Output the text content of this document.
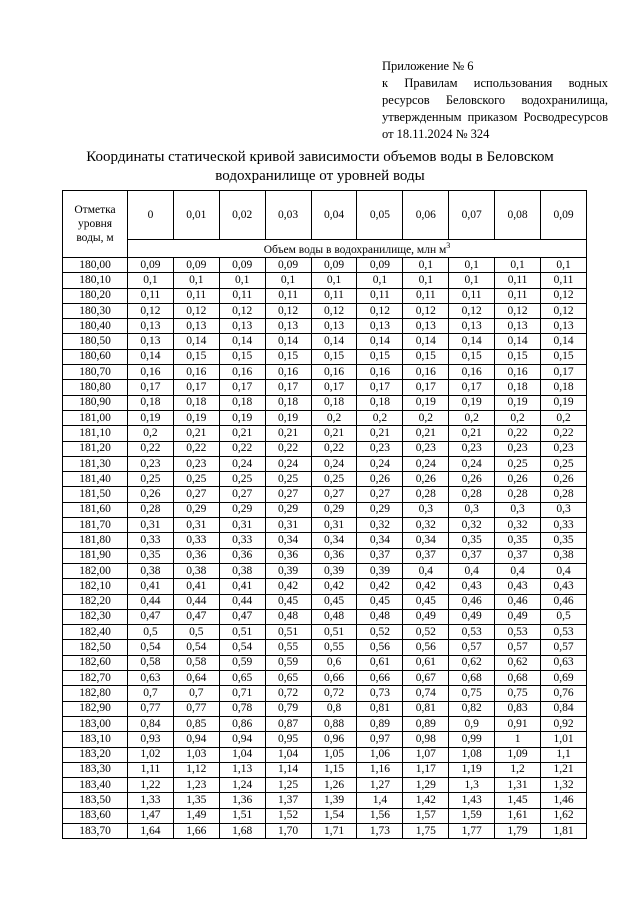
Приложение № 6
к Правилам использования водных
ресурсов Беловского водохранилища,
утвержденным приказом Росводресурсов
от 18.11.2024 № 324
Координаты статической кривой зависимости объемов воды в Беловском
водохранилище от уровней воды
Отметка уровня воды, м	0	0,01	0,02	0,03	0,04	0,05	0,06	0,07	0,08	0,09
	Объем воды в водохранилище, млн $м^3$
180,00	0,09	0,09	0,09	0,09	0,09	0,09	0,1	0,1	0,1	0,1
180,10	0,1	0,1	0,1	0,1	0,1	0,1	0,1	0,1	0,11	0,11
180,20	0,11	0,11	0,11	0,11	0,11	0,11	0,11	0,11	0,11	0,12
180,30	0,12	0,12	0,12	0,12	0,12	0,12	0,12	0,12	0,12	0,12
180,40	0,13	0,13	0,13	0,13	0,13	0,13	0,13	0,13	0,13	0,13
180,50	0,13	0,14	0,14	0,14	0,14	0,14	0,14	0,14	0,14	0,14
180,60	0,14	0,15	0,15	0,15	0,15	0,15	0,15	0,15	0,15	0,15
180,70	0,16	0,16	0,16	0,16	0,16	0,16	0,16	0,16	0,16	0,17
180,80	0,17	0,17	0,17	0,17	0,17	0,17	0,17	0,17	0,18	0,18
180,90	0,18	0,18	0,18	0,18	0,18	0,18	0,19	0,19	0,19	0,19
181,00	0,19	0,19	0,19	0,19	0,2	0,2	0,2	0,2	0,2	0,2
181,10	0,2	0,21	0,21	0,21	0,21	0,21	0,21	0,21	0,22	0,22
181,20	0,22	0,22	0,22	0,22	0,22	0,23	0,23	0,23	0,23	0,23
181,30	0,23	0,23	0,24	0,24	0,24	0,24	0,24	0,24	0,25	0,25
181,40	0,25	0,25	0,25	0,25	0,25	0,26	0,26	0,26	0,26	0,26
181,50	0,26	0,27	0,27	0,27	0,27	0,27	0,28	0,28	0,28	0,28
181,60	0,28	0,29	0,29	0,29	0,29	0,29	0,3	0,3	0,3	0,3
181,70	0,31	0,31	0,31	0,31	0,31	0,32	0,32	0,32	0,32	0,33
181,80	0,33	0,33	0,33	0,34	0,34	0,34	0,34	0,35	0,35	0,35
181,90	0,35	0,36	0,36	0,36	0,36	0,37	0,37	0,37	0,37	0,38
182,00	0,38	0,38	0,38	0,39	0,39	0,39	0,4	0,4	0,4	0,4
182,10	0,41	0,41	0,41	0,42	0,42	0,42	0,42	0,43	0,43	0,43
182,20	0,44	0,44	0,44	0,45	0,45	0,45	0,45	0,46	0,46	0,46
182,30	0,47	0,47	0,47	0,48	0,48	0,48	0,49	0,49	0,49	0,5
182,40	0,5	0,5	0,51	0,51	0,51	0,52	0,52	0,53	0,53	0,53
182,50	0,54	0,54	0,54	0,55	0,55	0,56	0,56	0,57	0,57	0,57
182,60	0,58	0,58	0,59	0,59	0,6	0,61	0,61	0,62	0,62	0,63
182,70	0,63	0,64	0,65	0,65	0,66	0,66	0,67	0,68	0,68	0,69
182,80	0,7	0,7	0,71	0,72	0,72	0,73	0,74	0,75	0,75	0,76
182,90	0,77	0,77	0,78	0,79	0,8	0,81	0,81	0,82	0,83	0,84
183,00	0,84	0,85	0,86	0,87	0,88	0,89	0,89	0,9	0,91	0,92
183,10	0,93	0,94	0,94	0,95	0,96	0,97	0,98	0,99	1	1,01
183,20	1,02	1,03	1,04	1,04	1,05	1,06	1,07	1,08	1,09	1,1
183,30	1,11	1,12	1,13	1,14	1,15	1,16	1,17	1,19	1,2	1,21
183,40	1,22	1,23	1,24	1,25	1,26	1,27	1,29	1,3	1,31	1,32
183,50	1,33	1,35	1,36	1,37	1,39	1,4	1,42	1,43	1,45	1,46
183,60	1,47	1,49	1,51	1,52	1,54	1,56	1,57	1,59	1,61	1,62
183,70	1,64	1,66	1,68	1,70	1,71	1,73	1,75	1,77	1,79	1,81
